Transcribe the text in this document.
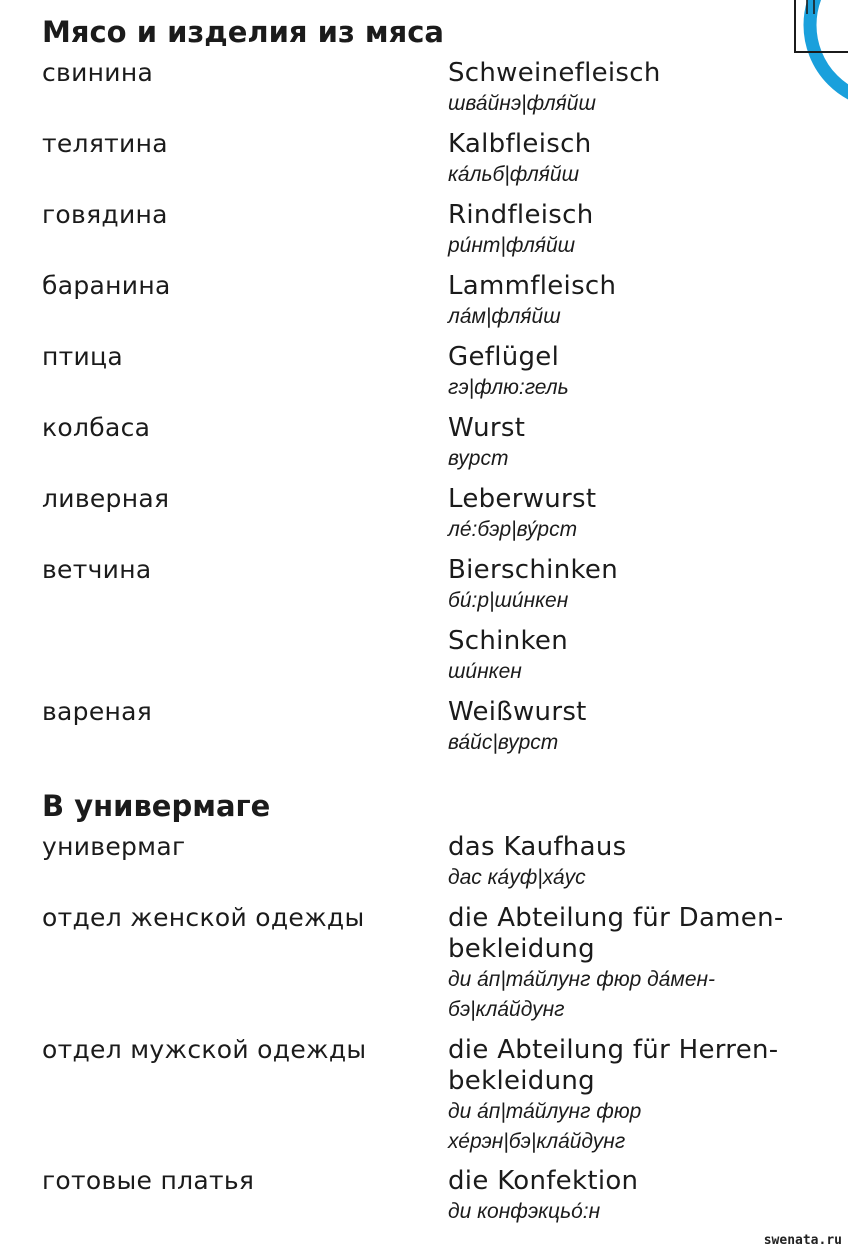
Мясо и изделия из мяса
свинина	Schweinefleisch
шва́йнэ|фля́йш
телятина	Kalbfleisch
ка́льб|фля́йш
говядина	Rindfleisch
ри́нт|фля́йш
баранина	Lammfleisch
ла́м|фля́йш
птица	Geflügel
гэ|флю:гель
колбаса	Wurst
вурст
ливерная	Leberwurst
ле́:бэр|ву́рст
ветчина	Bierschinken
би́:р|ши́нкен
Schinken
ши́нкен
вареная	Weißwurst
ва́йс|вурст
В универмаге
универмаг	das Kaufhaus
дас ка́уф|ха́ус
отдел женской одежды	die Abteilung für Damen-
bekleidung
ди а́п|та́йлунг фюр да́мен-
бэ|кла́йдунг
отдел мужской одежды	die Abteilung für Herren-
bekleidung
ди а́п|та́йлунг фюр
хе́рэн|бэ|кла́йдунг
готовые платья	die Konfektion
ди конфэкцьо́:н
swenata.ru
